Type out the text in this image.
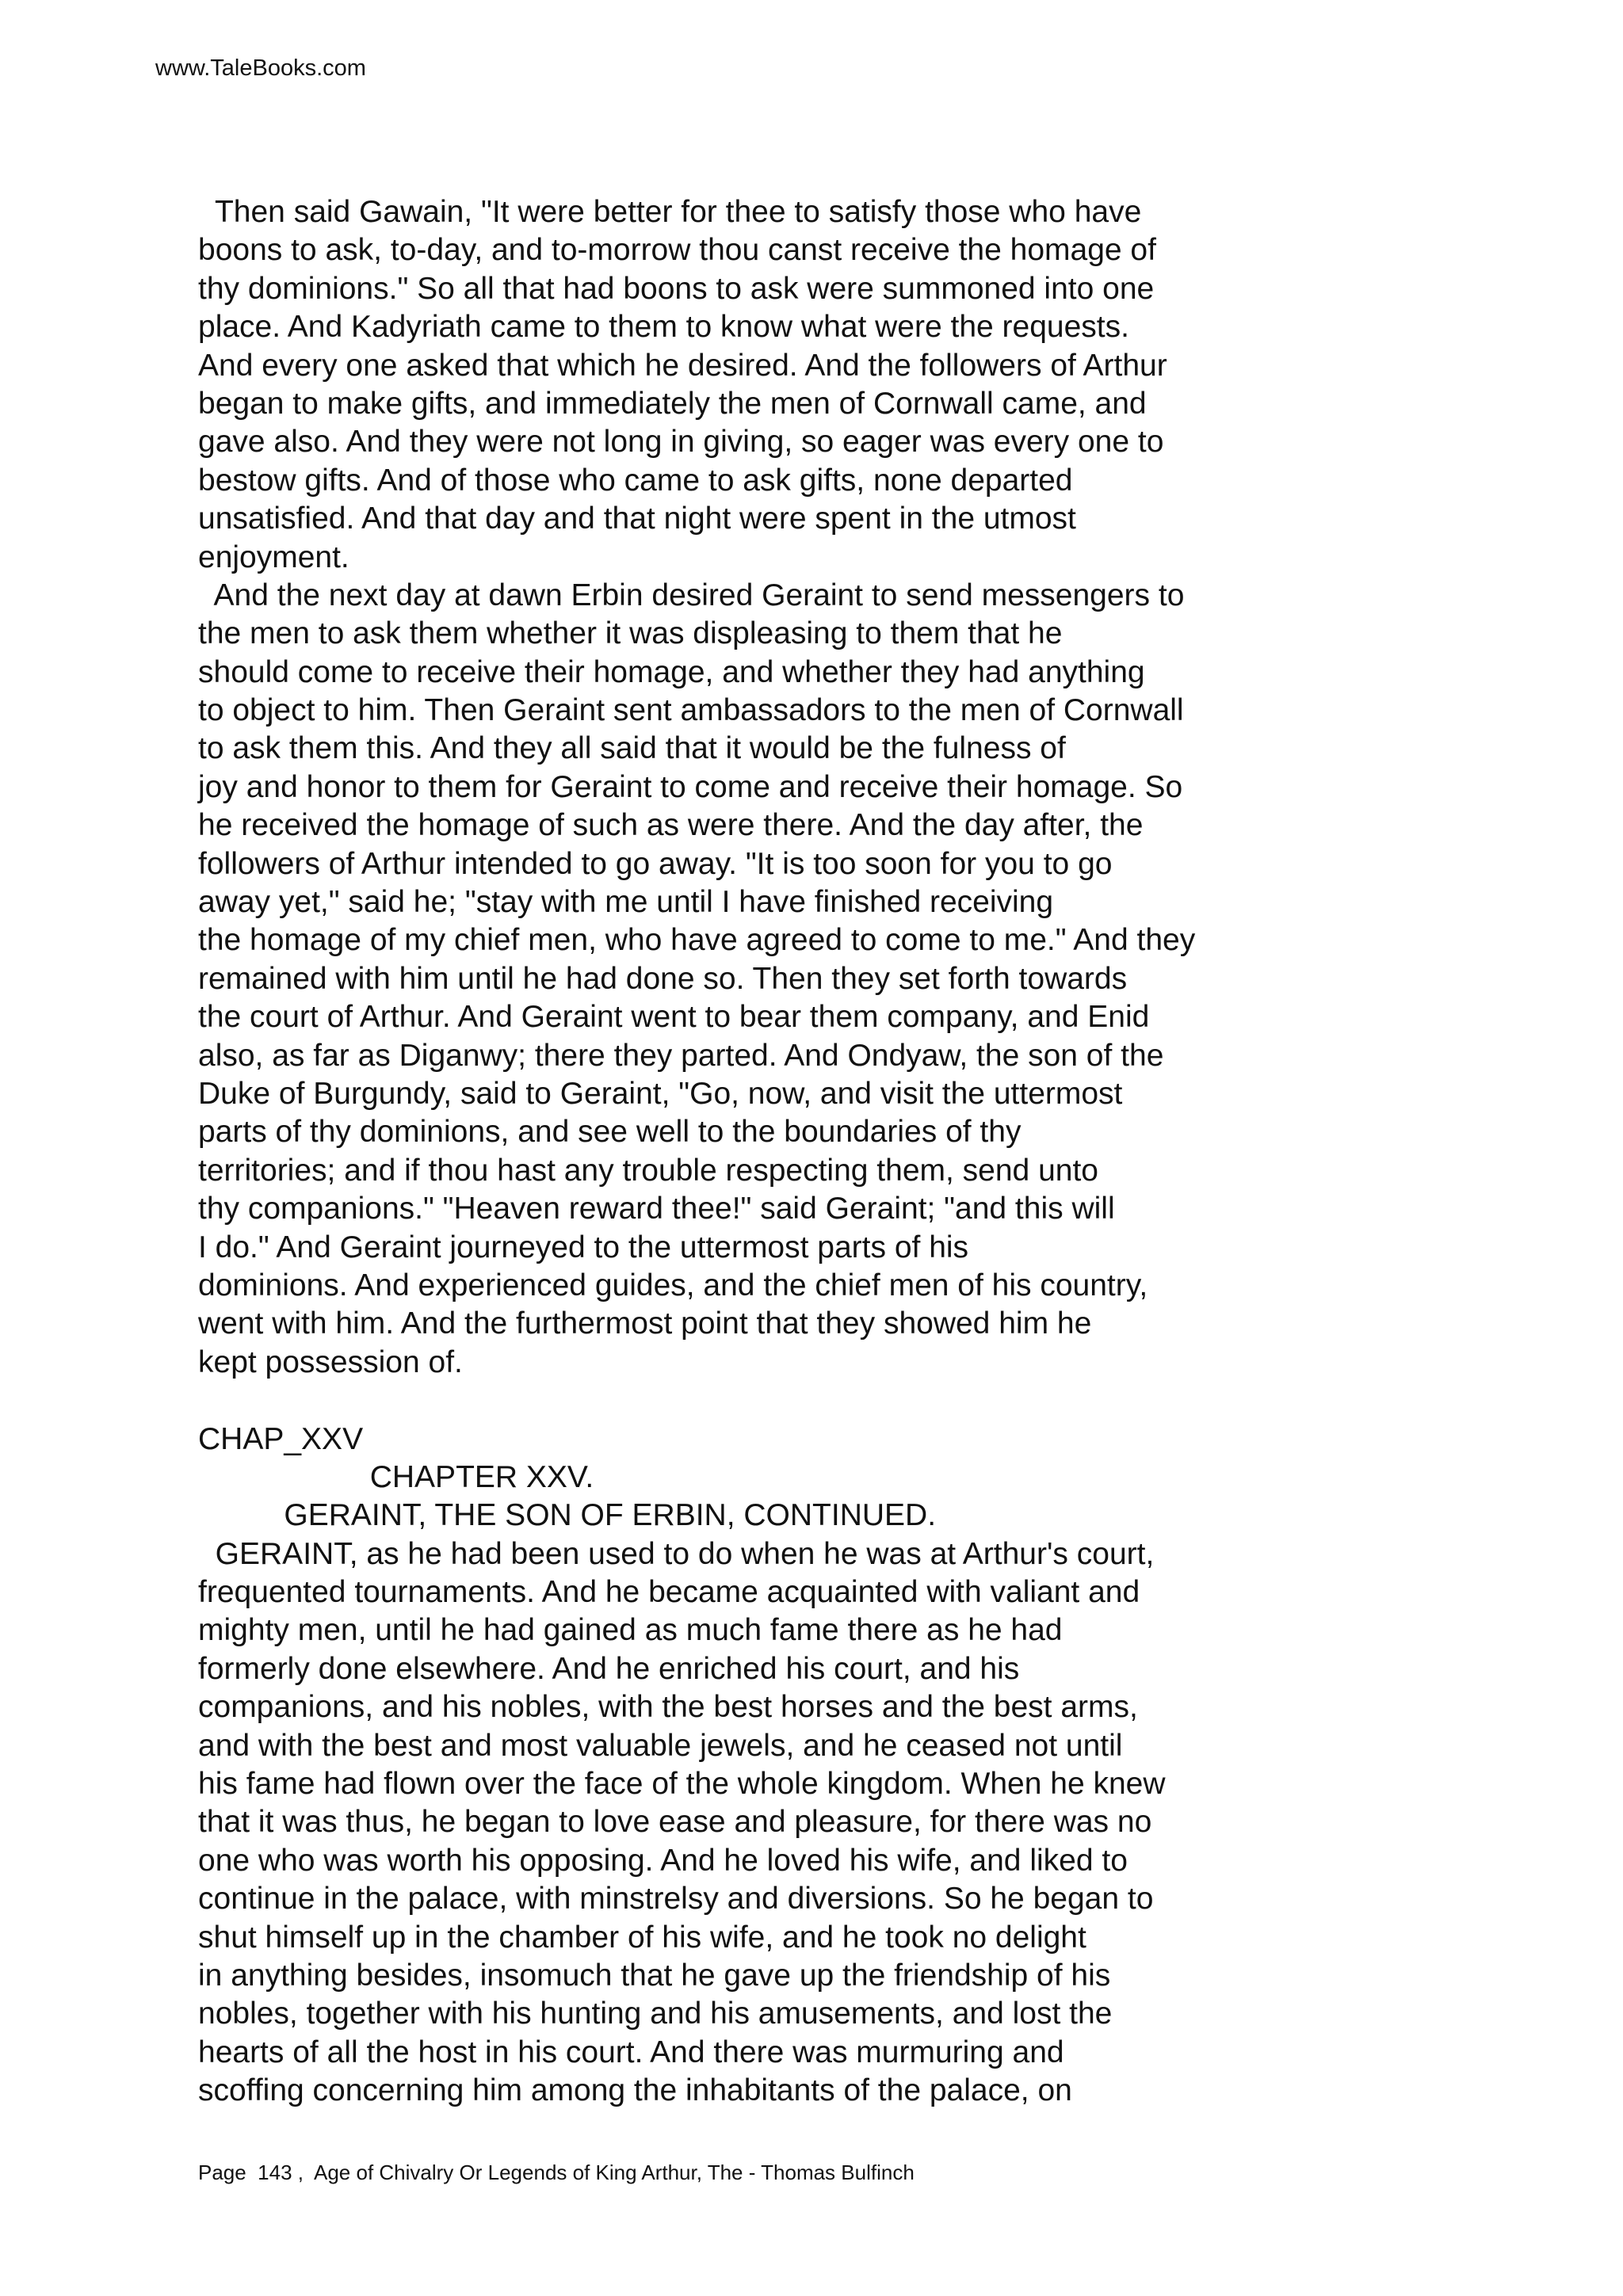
www.TaleBooks.com
Then said Gawain, "It were better for thee to satisfy those who have
boons to ask, to-day, and to-morrow thou canst receive the homage of
thy dominions." So all that had boons to ask were summoned into one
place. And Kadyriath came to them to know what were the requests.
And every one asked that which he desired. And the followers of Arthur
began to make gifts, and immediately the men of Cornwall came, and
gave also. And they were not long in giving, so eager was every one to
bestow gifts. And of those who came to ask gifts, none departed
unsatisfied. And that day and that night were spent in the utmost
enjoyment.
And the next day at dawn Erbin desired Geraint to send messengers to
the men to ask them whether it was displeasing to them that he
should come to receive their homage, and whether they had anything
to object to him. Then Geraint sent ambassadors to the men of Cornwall
to ask them this. And they all said that it would be the fulness of
joy and honor to them for Geraint to come and receive their homage. So
he received the homage of such as were there. And the day after, the
followers of Arthur intended to go away. "It is too soon for you to go
away yet," said he; "stay with me until I have finished receiving
the homage of my chief men, who have agreed to come to me." And they
remained with him until he had done so. Then they set forth towards
the court of Arthur. And Geraint went to bear them company, and Enid
also, as far as Diganwy; there they parted. And Ondyaw, the son of the
Duke of Burgundy, said to Geraint, "Go, now, and visit the uttermost
parts of thy dominions, and see well to the boundaries of thy
territories; and if thou hast any trouble respecting them, send unto
thy companions." "Heaven reward thee!" said Geraint; "and this will
I do." And Geraint journeyed to the uttermost parts of his
dominions. And experienced guides, and the chief men of his country,
went with him. And the furthermost point that they showed him he
kept possession of.
CHAP_XXV
CHAPTER XXV.
GERAINT, THE SON OF ERBIN, CONTINUED.
GERAINT, as he had been used to do when he was at Arthur's court,
frequented tournaments. And he became acquainted with valiant and
mighty men, until he had gained as much fame there as he had
formerly done elsewhere. And he enriched his court, and his
companions, and his nobles, with the best horses and the best arms,
and with the best and most valuable jewels, and he ceased not until
his fame had flown over the face of the whole kingdom. When he knew
that it was thus, he began to love ease and pleasure, for there was no
one who was worth his opposing. And he loved his wife, and liked to
continue in the palace, with minstrelsy and diversions. So he began to
shut himself up in the chamber of his wife, and he took no delight
in anything besides, insomuch that he gave up the friendship of his
nobles, together with his hunting and his amusements, and lost the
hearts of all the host in his court. And there was murmuring and
scoffing concerning him among the inhabitants of the palace, on
Page  143 ,  Age of Chivalry Or Legends of King Arthur, The - Thomas Bulfinch
